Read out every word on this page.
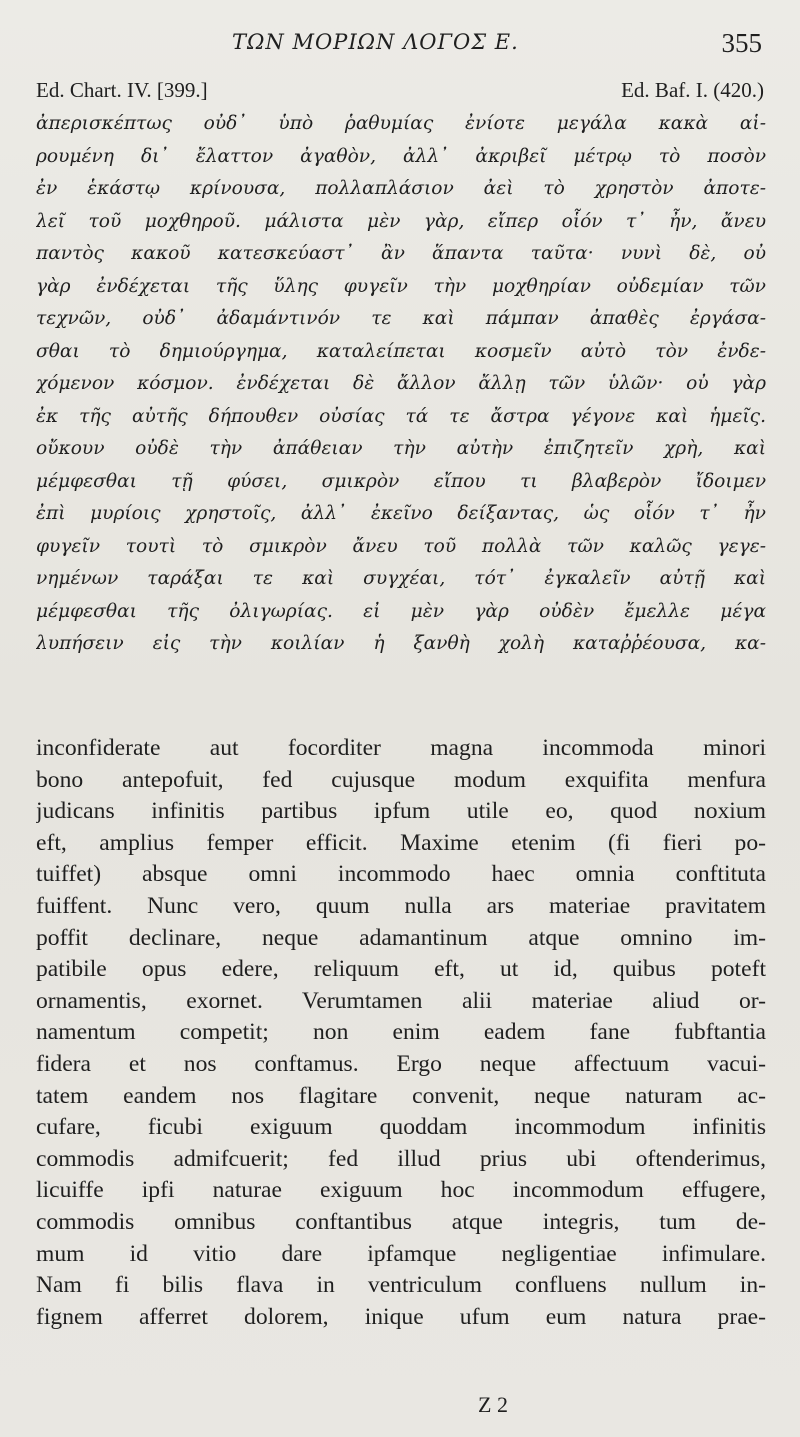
ΤΩΝ ΜΟΡΙΩΝ ΛΟΓΟΣ Ε.	355
Ed. Chart. IV. [399.]	Ed. Baf. I. (420.)
ἀπερισκέπτως οὐδ᾽ ὑπὸ ῥαθυμίας ἐνίοτε μεγάλα κακὰ αἱ-
ρουμένη δι᾽ ἔλαττον ἀγαθὸν, ἀλλ᾽ ἀκριβεῖ μέτρῳ τὸ ποσὸν
ἐν ἑκάστῳ κρίνουσα, πολλαπλάσιον ἀεὶ τὸ χρηστὸν ἀποτε-
λεῖ τοῦ μοχθηροῦ. μάλιστα μὲν γὰρ, εἴπερ οἷόν τ᾽ ἦν, ἄνευ
παντὸς κακοῦ κατεσκεύαστ᾽ ἂν ἅπαντα ταῦτα· νυνὶ δὲ, οὐ
γὰρ ἐνδέχεται τῆς ὕλης φυγεῖν τὴν μοχθηρίαν οὐδεμίαν τῶν
τεχνῶν, οὐδ᾽ ἀδαμάντινόν τε καὶ πάμπαν ἀπαθὲς ἐργάσα-
σθαι τὸ δημιούργημα, καταλείπεται κοσμεῖν αὐτὸ τὸν ἐνδε-
χόμενον κόσμον. ἐνδέχεται δὲ ἄλλον ἄλλῃ τῶν ὑλῶν· οὐ γὰρ
ἐκ τῆς αὐτῆς δήπουθεν οὐσίας τά τε ἄστρα γέγονε καὶ ἡμεῖς.
οὔκουν οὐδὲ τὴν ἀπάθειαν τὴν αὐτὴν ἐπιζητεῖν χρὴ, καὶ
μέμφεσθαι τῇ φύσει, σμικρὸν εἴπου τι βλαβερὸν ἴδοιμεν
ἐπὶ μυρίοις χρηστοῖς, ἀλλ᾽ ἐκεῖνο δείξαντας, ὡς οἷόν τ᾽ ἦν
φυγεῖν τουτὶ τὸ σμικρὸν ἄνευ τοῦ πολλὰ τῶν καλῶς γεγε-
νημένων ταράξαι τε καὶ συγχέαι, τότ᾽ ἐγκαλεῖν αὐτῇ καὶ
μέμφεσθαι τῆς ὀλιγωρίας. εἰ μὲν γὰρ οὐδὲν ἔμελλε μέγα
λυπήσειν εἰς τὴν κοιλίαν ἡ ξανθὴ χολὴ καταῤῥέουσα, κα-
inconfiderate aut focorditer magna incommoda minori
bono antepofuit, fed cujusque modum exquifita menfura
judicans infinitis partibus ipfum utile eo, quod noxium
eft, amplius femper efficit. Maxime etenim (fi fieri po-
tuiffet) absque omni incommodo haec omnia conftituta
fuiffent. Nunc vero, quum nulla ars materiae pravitatem
poffit declinare, neque adamantinum atque omnino im-
patibile opus edere, reliquum eft, ut id, quibus poteft
ornamentis, exornet. Verumtamen alii materiae aliud or-
namentum competit; non enim eadem fane fubftantia
fidera et nos conftamus. Ergo neque affectuum vacui-
tatem eandem nos flagitare convenit, neque naturam ac-
cufare, ficubi exiguum quoddam incommodum infinitis
commodis admifcuerit; fed illud prius ubi oftenderimus,
licuiffe ipfi naturae exiguum hoc incommodum effugere,
commodis omnibus conftantibus atque integris, tum de-
mum id vitio dare ipfamque negligentiae infimulare.
Nam fi bilis flava in ventriculum confluens nullum in-
fignem afferret dolorem, inique ufum eum natura prae-
Z 2
